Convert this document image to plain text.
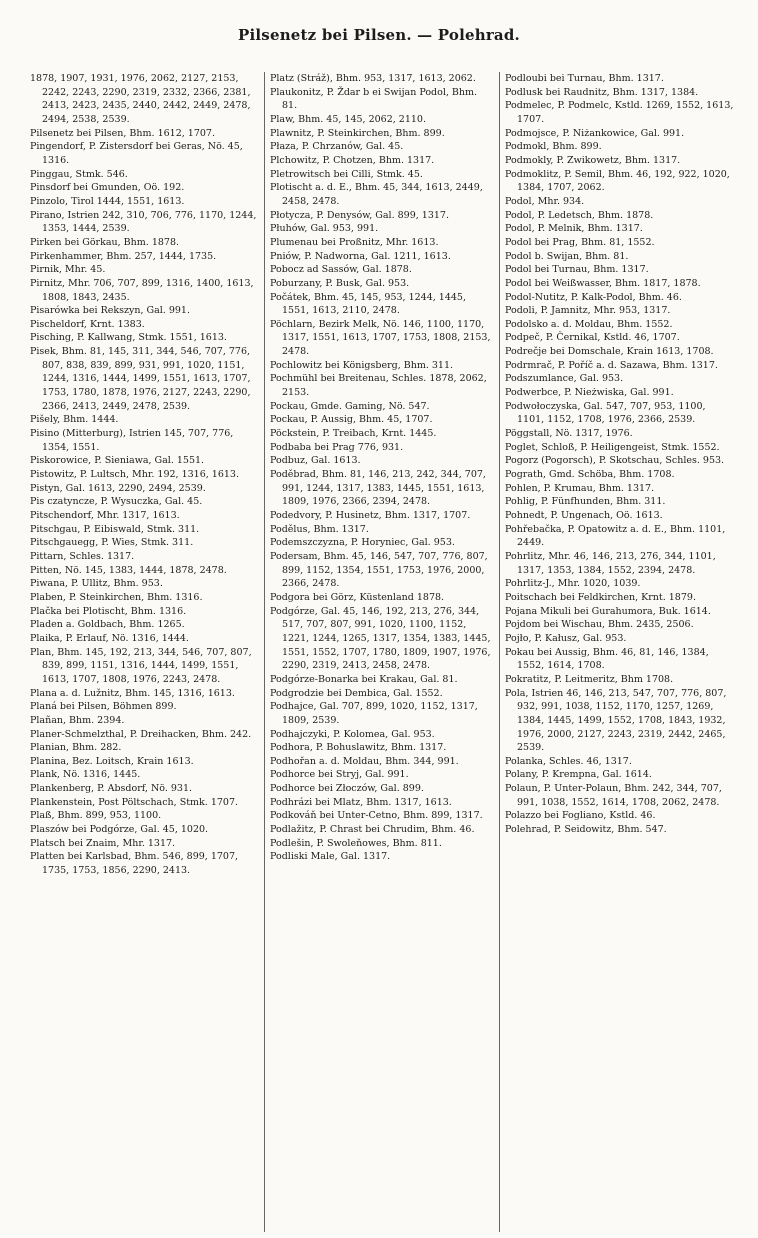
Pilsenetz bei Pilsen. — Polehrad.

1878, 1907, 1931, 1976, 2062, 2127, 2153, 2242, 2243, 2290, 2319, 2332, 2366, 2381, 2413, 2423, 2435, 2440, 2442, 2449, 2478, 2494, 2538, 2539.

Pilsenetz bei Pilsen, Bhm. 1612, 1707.

Pingendorf, P. Zistersdorf bei Geras, Nö. 45, 1316.

Pinggau, Stmk. 546.

Pinsdorf bei Gmunden, Oö. 192.

Pinzolo, Tirol 1444, 1551, 1613.

Pirano, Istrien 242, 310, 706, 776, 1170, 1244, 1353, 1444, 2539.

Pirken bei Görkau, Bhm. 1878.

Pirkenhammer, Bhm. 257, 1444, 1735.

Pirnik, Mhr. 45.

Pirnitz, Mhr. 706, 707, 899, 1316, 1400, 1613, 1808, 1843, 2435.

Pisarówka bei Rekszyn, Gal. 991.

Pischeldorf, Krnt. 1383.

Pisching, P. Kallwang, Stmk. 1551, 1613.

Pisek, Bhm. 81, 145, 311, 344, 546, 707, 776, 807, 838, 839, 899, 931, 991, 1020, 1151, 1244, 1316, 1444, 1499, 1551, 1613, 1707, 1753, 1780, 1878, 1976, 2127, 2243, 2290, 2366, 2413, 2449, 2478, 2539.

Pišely, Bhm. 1444.

Pisino (Mitterburg), Istrien 145, 707, 776, 1354, 1551.

Piskorowice, P. Sieniawa, Gal. 1551.

Pistowitz, P. Lultsch, Mhr. 192, 1316, 1613.

Pistyn, Gal. 1613, 2290, 2494, 2539.

Pis czatyncze, P. Wysuczka, Gal. 45.

Pitschendorf, Mhr. 1317, 1613.

Pitschgau, P. Eibiswald, Stmk. 311.

Pitschgauegg, P. Wies, Stmk. 311.

Pittarn, Schles. 1317.

Pitten, Nö. 145, 1383, 1444, 1878, 2478.

Piwana, P. Ullitz, Bhm. 953.

Plaben, P. Steinkirchen, Bhm. 1316.

Plačka bei Plotischt, Bhm. 1316.

Pladen a. Goldbach, Bhm. 1265.

Plaika, P. Erlauf, Nö. 1316, 1444.

Plan, Bhm. 145, 192, 213, 344, 546, 707, 807, 839, 899, 1151, 1316, 1444, 1499, 1551, 1613, 1707, 1808, 1976, 2243, 2478.

Plana a. d. Lužnitz, Bhm. 145, 1316, 1613.

Planá bei Pilsen, Böhmen 899.

Plañan, Bhm. 2394.

Planer-Schmelzthal, P. Dreihacken, Bhm. 242.

Planian, Bhm. 282.

Planina, Bez. Loitsch, Krain 1613.

Plank, Nö. 1316, 1445.

Plankenberg, P. Absdorf, Nö. 931.

Plankenstein, Post Pöltschach, Stmk. 1707.

Plaß, Bhm. 899, 953, 1100.

Plaszów bei Podgórze, Gal. 45, 1020.

Platsch bei Znaim, Mhr. 1317.

Platten bei Karlsbad, Bhm. 546, 899, 1707, 1735, 1753, 1856, 2290, 2413.

Platz (Stráž), Bhm. 953, 1317, 1613, 2062.

Plaukonitz, P. Ždar b ei Swijan Podol, Bhm. 81.

Plaw, Bhm. 45, 145, 2062, 2110.

Plawnitz, P. Steinkirchen, Bhm. 899.

Płaza, P. Chrzanów, Gal. 45.

Plchowitz, P. Chotzen, Bhm. 1317.

Pletrowitsch bei Cilli, Stmk. 45.

Plotischt a. d. E., Bhm. 45, 344, 1613, 2449, 2458, 2478.

Płotycza, P. Denysów, Gal. 899, 1317.

Płuhów, Gal. 953, 991.

Plumenau bei Proßnitz, Mhr. 1613.

Pniów, P. Nadworna, Gal. 1211, 1613.

Pobocz ad Sassów, Gal. 1878.

Poburzany, P. Busk, Gal. 953.

Počátek, Bhm. 45, 145, 953, 1244, 1445, 1551, 1613, 2110, 2478.

Pöchlarn, Bezirk Melk, Nö. 146, 1100, 1170, 1317, 1551, 1613, 1707, 1753, 1808, 2153, 2478.

Pochlowitz bei Königsberg, Bhm. 311.

Pochmühl bei Breitenau, Schles. 1878, 2062, 2153.

Pockau, Gmde. Gaming, Nö. 547.

Pockau, P. Aussig, Bhm. 45, 1707.

Pöckstein, P. Treibach, Krnt. 1445.

Podbaba bei Prag 776, 931.

Podbuz, Gal. 1613.

Poděbrad, Bhm. 81, 146, 213, 242, 344, 707, 991, 1244, 1317, 1383, 1445, 1551, 1613, 1809, 1976, 2366, 2394, 2478.

Podedvory, P. Husinetz, Bhm. 1317, 1707.

Podělus, Bhm. 1317.

Podemszczyzna, P. Horyniec, Gal. 953.

Podersam, Bhm. 45, 146, 547, 707, 776, 807, 899, 1152, 1354, 1551, 1753, 1976, 2000, 2366, 2478.

Podgora bei Görz, Küstenland 1878.

Podgórze, Gal. 45, 146, 192, 213, 276, 344, 517, 707, 807, 991, 1020, 1100, 1152, 1221, 1244, 1265, 1317, 1354, 1383, 1445, 1551, 1552, 1707, 1780, 1809, 1907, 1976, 2290, 2319, 2413, 2458, 2478.

Podgórze-Bonarka bei Krakau, Gal. 81.

Podgrodzie bei Dembica, Gal. 1552.

Podhajce, Gal. 707, 899, 1020, 1152, 1317, 1809, 2539.

Podhajczyki, P. Kolomea, Gal. 953.

Podhora, P. Bohuslawitz, Bhm. 1317.

Podhořan a. d. Moldau, Bhm. 344, 991.

Podhorce bei Stryj, Gal. 991.

Podhorce bei Złoczów, Gal. 899.

Podhrázi bei Mlatz, Bhm. 1317, 1613.

Podkováň bei Unter-Cetno, Bhm. 899, 1317.

Podlažitz, P. Chrast bei Chrudim, Bhm. 46.

Podlešin, P. Swoleňowes, Bhm. 811.

Podliski Male, Gal. 1317.

Podloubi bei Turnau, Bhm. 1317.

Podlusk bei Raudnitz, Bhm. 1317, 1384.

Podmelec, P. Podmelc, Kstld. 1269, 1552, 1613, 1707.

Podmojsce, P. Niżankowice, Gal. 991.

Podmokl, Bhm. 899.

Podmokly, P. Zwikowetz, Bhm. 1317.

Podmoklitz, P. Semil, Bhm. 46, 192, 922, 1020, 1384, 1707, 2062.

Podol, Mhr. 934.

Podol, P. Ledetsch, Bhm. 1878.

Podol, P. Melnik, Bhm. 1317.

Podol bei Prag, Bhm. 81, 1552.

Podol b. Swijan, Bhm. 81.

Podol bei Turnau, Bhm. 1317.

Podol bei Weißwasser, Bhm. 1817, 1878.

Podol-Nutitz, P. Kalk-Podol, Bhm. 46.

Podoli, P. Jamnitz, Mhr. 953, 1317.

Podolsko a. d. Moldau, Bhm. 1552.

Podpeč, P. Černikal, Kstld. 46, 1707.

Podrečje bei Domschale, Krain 1613, 1708.

Podrmrač, P. Poříč a. d. Sazawa, Bhm. 1317.

Podszumlance, Gal. 953.

Podwerbce, P. Nieżwiska, Gal. 991.

Podwołoczyska, Gal. 547, 707, 953, 1100, 1101, 1152, 1708, 1976, 2366, 2539.

Pöggstall, Nö. 1317, 1976.

Poglet, Schloß, P. Heiligengeist, Stmk. 1552.

Pogorz (Pogorsch), P. Skotschau, Schles. 953.

Pograth, Gmd. Schöba, Bhm. 1708.

Pohlen, P. Krumau, Bhm. 1317.

Pohlig, P. Fünfhunden, Bhm. 311.

Pohnedt, P. Ungenach, Oö. 1613.

Pohřebačka, P. Opatowitz a. d. E., Bhm. 1101, 2449.

Pohrlitz, Mhr. 46, 146, 213, 276, 344, 1101, 1317, 1353, 1384, 1552, 2394, 2478.

Pohrlitz-J., Mhr. 1020, 1039.

Poitschach bei Feldkirchen, Krnt. 1879.

Pojana Mikuli bei Gurahumora, Buk. 1614.

Pojdom bei Wischau, Bhm. 2435, 2506.

Pojło, P. Kałusz, Gal. 953.

Pokau bei Aussig, Bhm. 46, 81, 146, 1384, 1552, 1614, 1708.

Pokratitz, P. Leitmeritz, Bhm 1708.

Pola, Istrien 46, 146, 213, 547, 707, 776, 807, 932, 991, 1038, 1152, 1170, 1257, 1269, 1384, 1445, 1499, 1552, 1708, 1843, 1932, 1976, 2000, 2127, 2243, 2319, 2442, 2465, 2539.

Polanka, Schles. 46, 1317.

Polany, P. Krempna, Gal. 1614.

Polaun, P. Unter-Polaun, Bhm. 242, 344, 707, 991, 1038, 1552, 1614, 1708, 2062, 2478.

Polazzo bei Fogliano, Kstld. 46.

Polehrad, P. Seidowitz, Bhm. 547.
